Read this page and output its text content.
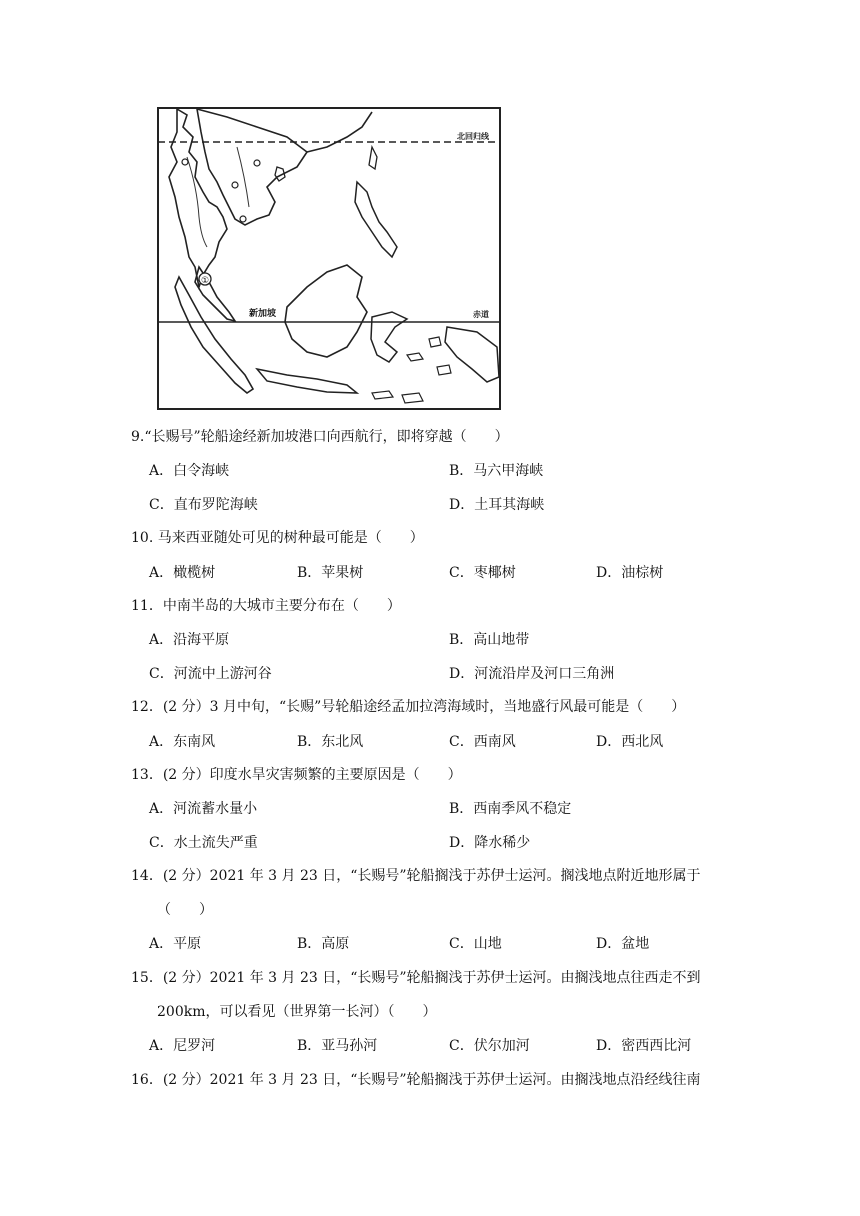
北回归线
赤道
①
新加坡
9.“长赐号”轮船途经新加坡港口向西航行，即将穿越（　　）
A．白令海峡	B．马六甲海峡
C．直布罗陀海峡	D．土耳其海峡
10. 马来西亚随处可见的树种最可能是（　　）
A．橄榄树	B．苹果树	C．枣椰树	D．油棕树
11．中南半岛的大城市主要分布在（　　）
A．沿海平原	B．高山地带
C．河流中上游河谷	D．河流沿岸及河口三角洲
12．(2 分）3 月中旬，“长赐”号轮船途经孟加拉湾海域时，当地盛行风最可能是（　　）
A．东南风	B．东北风	C．西南风	D．西北风
13．(2 分）印度水旱灾害频繁的主要原因是（　　）
A．河流蓄水量小	B．西南季风不稳定
C．水土流失严重	D．降水稀少
14．(2 分）2021 年 3 月 23 日，“长赐号”轮船搁浅于苏伊士运河。搁浅地点附近地形属于
（　　）
A．平原	B．高原	C．山地	D．盆地
15．(2 分）2021 年 3 月 23 日，“长赐号”轮船搁浅于苏伊士运河。由搁浅地点往西走不到
200km，可以看见（世界第一长河）（　　）
A．尼罗河	B．亚马孙河	C．伏尔加河	D．密西西比河
16．(2 分）2021 年 3 月 23 日，“长赐号”轮船搁浅于苏伊士运河。由搁浅地点沿经线往南
